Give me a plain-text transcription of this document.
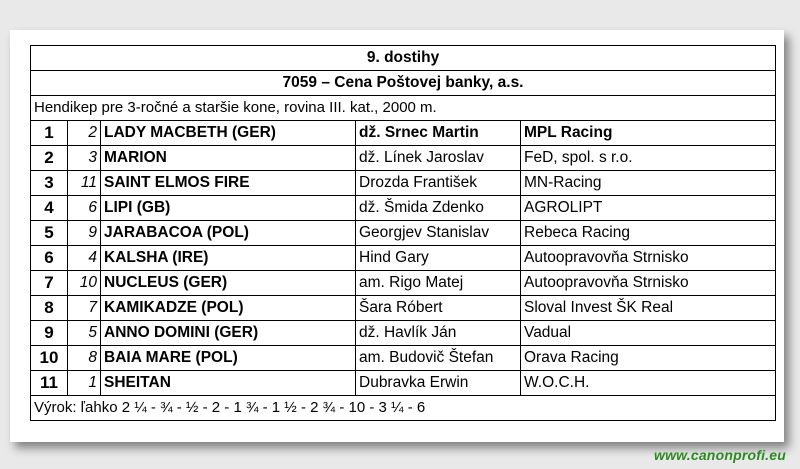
9. dostihy				
7059 – Cena Poštovej banky, a.s.				
Hendikep pre 3-ročné a staršie kone, rovina III. kat., 2000 m.				
1	2	LADY MACBETH (GER)	dž. Srnec Martin	MPL Racing
2	3	MARION	dž. Línek Jaroslav	FeD, spol. s r.o.
3	11	SAINT ELMOS FIRE	Drozda František	MN-Racing
4	6	LIPI (GB)	dž. Šmida Zdenko	AGROLIPT
5	9	JARABACOA (POL)	Georgjev Stanislav	Rebeca Racing
6	4	KALSHA (IRE)	Hind Gary	Autoopravovňa Strnisko
7	10	NUCLEUS (GER)	am. Rigo Matej	Autoopravovňa Strnisko
8	7	KAMIKADZE (POL)	Šara Róbert	Sloval Invest ŠK Real
9	5	ANNO DOMINI (GER)	dž. Havlík Ján	Vadual
10	8	BAIA MARE (POL)	am. Budovič Štefan	Orava Racing
11	1	SHEITAN	Dubravka Erwin	W.O.C.H.
Výrok: ľahko 2 ¼ - ¾ - ½ - 2 - 1 ¾ - 1 ½ - 2 ¾ - 10 - 3 ¼ - 6				
www.canonprofi.eu
